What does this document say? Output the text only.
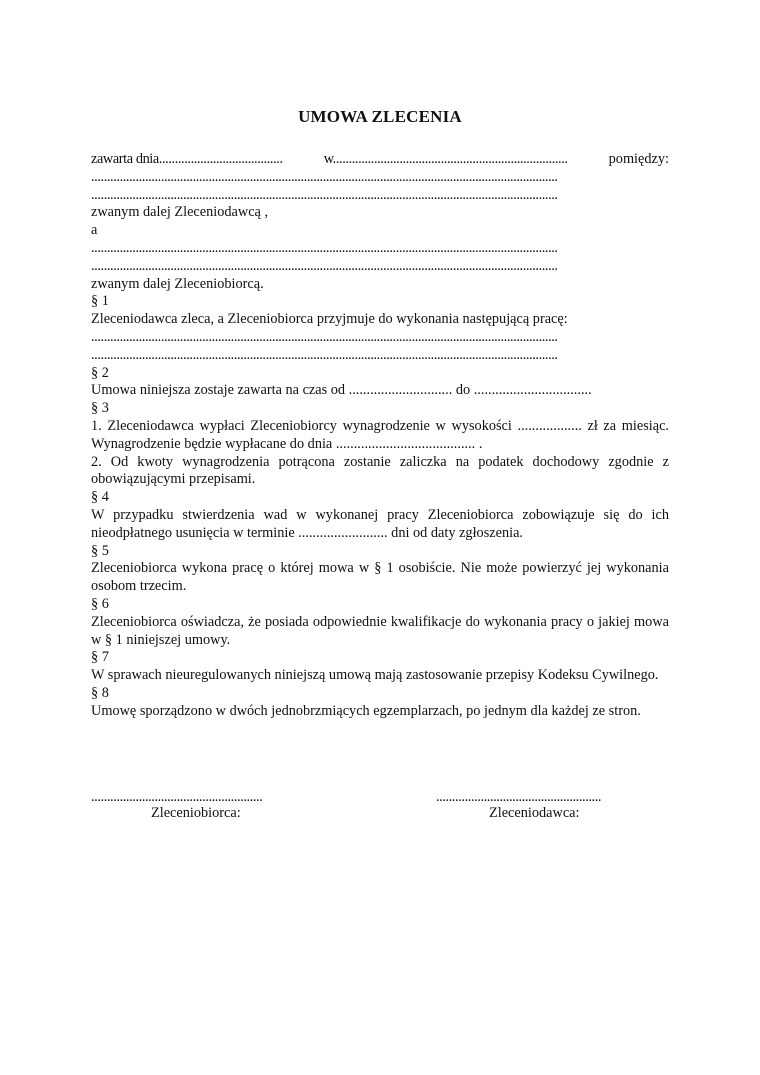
UMOWA ZLECENIA
zawarta dnia.......................................	w..........................................................................	pomiędzy:
...................................................................................................................................................
...................................................................................................................................................
zwanym dalej Zleceniodawcą ,
a
...................................................................................................................................................
...................................................................................................................................................
zwanym dalej Zleceniobiorcą.
§ 1
Zleceniodawca zleca, a Zleceniobiorca przyjmuje do wykonania następującą pracę:
...................................................................................................................................................
...................................................................................................................................................
§ 2
Umowa niniejsza zostaje zawarta na czas od ............................. do .................................
§ 3
1. Zleceniodawca wypłaci Zleceniobiorcy wynagrodzenie w wysokości .................. zł za miesiąc. Wynagrodzenie będzie wypłacane do dnia ....................................... .
2. Od kwoty wynagrodzenia potrącona zostanie zaliczka na podatek dochodowy zgodnie z obowiązującymi przepisami.
§ 4
W przypadku stwierdzenia wad w wykonanej pracy Zleceniobiorca zobowiązuje się do ich nieodpłatnego usunięcia w terminie ......................... dni od daty zgłoszenia.
§ 5
Zleceniobiorca wykona pracę o której mowa w § 1 osobiście. Nie może powierzyć jej wykonania osobom trzecim.
§ 6
Zleceniobiorca oświadcza, że posiada odpowiednie kwalifikacje do wykonania pracy o jakiej mowa w § 1 niniejszej umowy.
§ 7
W sprawach nieuregulowanych niniejszą umową mają zastosowanie przepisy Kodeksu Cywilnego.
§ 8
Umowę sporządzono w dwóch jednobrzmiących egzemplarzach, po jednym dla każdej ze stron.
......................................................
Zleceniobiorca:
....................................................
Zleceniodawca:
